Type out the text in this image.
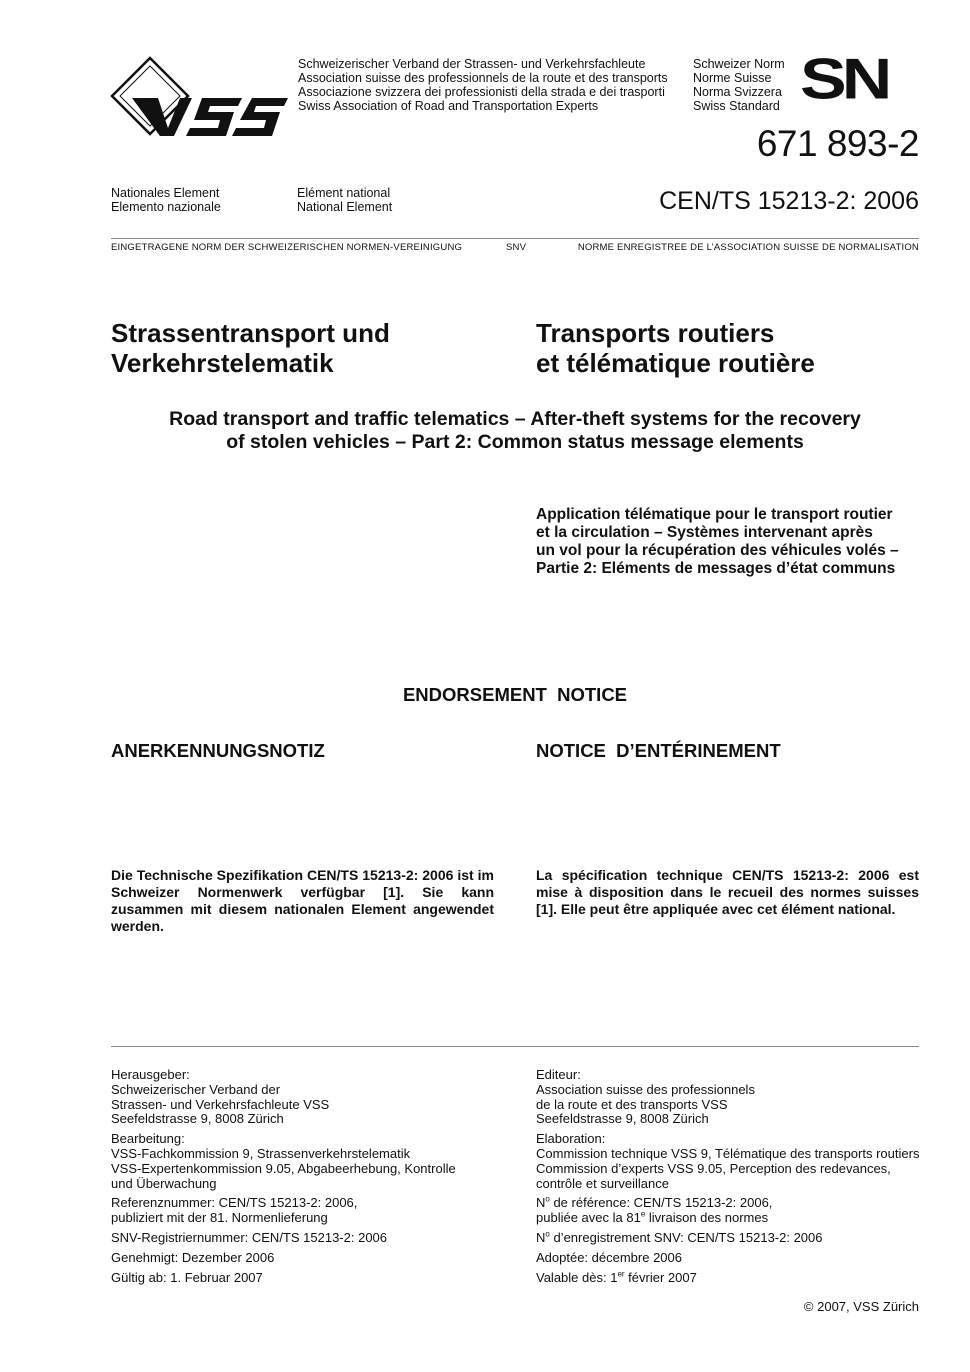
Schweizerischer Verband der Strassen- und Verkehrsfachleute
Association suisse des professionnels de la route et des transports
Associazione svizzera dei professionisti della strada e dei trasporti
Swiss Association of Road and Transportation Experts
Schweizer Norm
Norme Suisse
Norma Svizzera
Swiss Standard SN
671 893-2
Nationales Element
Elemento nazionale
Elément national
National Element	CEN/TS 15213-2: 2006
EINGETRAGENE NORM DER SCHWEIZERISCHEN NORMEN-VEREINIGUNG	SNV	NORME ENREGISTREE DE L’ASSOCIATION SUISSE DE NORMALISATION
Strassentransport und
Verkehrstelematik
Transports routiers
et télématique routière
Road transport and traffic telematics – After-theft systems for the recovery
of stolen vehicles – Part 2: Common status message elements
Application télématique pour le transport routier
et la circulation – Systèmes intervenant après
un vol pour la récupération des véhicules volés –
Partie 2: Eléments de messages d’état communs
ENDORSEMENT  NOTICE
ANERKENNUNGSNOTIZ	NOTICE  D’ENTÉRINEMENT
Die Technische Spezifikation CEN/TS 15213-2: 2006 ist im Schweizer Normenwerk verfügbar [1]. Sie kann zusammen mit diesem nationalen Element angewendet werden.
La spécification technique CEN/TS 15213-2: 2006 est mise à disposition dans le recueil des normes suisses [1]. Elle peut être appliquée avec cet élément national.

Herausgeber:
Schweizerischer Verband der
Strassen- und Verkehrsfachleute VSS
Seefeldstrasse 9, 8008 Zürich

Bearbeitung:
VSS-Fachkommission 9, Strassenverkehrstelematik
VSS-Expertenkommission 9.05, Abgabeerhebung, Kontrolle
und Überwachung

Referenznummer: CEN/TS 15213-2: 2006,
publiziert mit der 81. Normenlieferung

SNV-Registriernummer: CEN/TS 15213-2: 2006

Genehmigt: Dezember 2006

Gültig ab: 1. Februar 2007

Editeur:
Association suisse des professionnels
de la route et des transports VSS
Seefeldstrasse 9, 8008 Zürich

Elaboration:
Commission technique VSS 9, Télématique des transports routiers
Commission d’experts VSS 9.05, Perception des redevances,
contrôle et surveillance

$N^o$ de référence: CEN/TS 15213-2: 2006,
publiée avec la 81e livraison des normes

$N^o$ d’enregistrement SNV: CEN/TS 15213-2: 2006

Adoptée: décembre 2006

Valable dès: 1er février 2007

© 2007, VSS Zürich
